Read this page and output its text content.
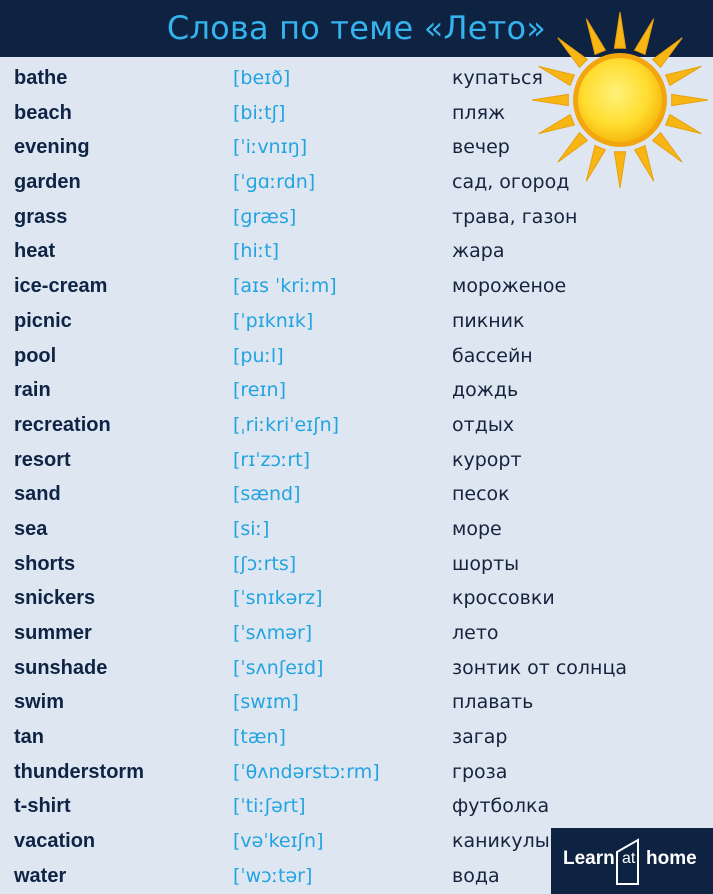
Слова по теме «Лето»
bathe	[beɪð]	купаться
beach	[biːtʃ]	пляж
evening	[ˈiːvnɪŋ]	вечер
garden	[ˈɡɑːrdn]	сад, огород
grass	[ɡræs]	трава, газон
heat	[hiːt]	жара
ice-cream	[aɪs ˈkriːm]	мороженое
picnic	[ˈpɪknɪk]	пикник
pool	[puːl]	бассейн
rain	[reɪn]	дождь
recreation	[ˌriːkriˈeɪʃn]	отдых
resort	[rɪˈzɔːrt]	курорт
sand	[sænd]	песок
sea	[siː]	море
shorts	[ʃɔːrts]	шорты
snickers	[ˈsnɪkərz]	кроссовки
summer	[ˈsʌmər]	лето
sunshade	[ˈsʌnʃeɪd]	зонтик от солнца
swim	[swɪm]	плавать
tan	[tæn]	загар
thunderstorm	[ˈθʌndərstɔːrm]	гроза
t-shirt	[ˈtiːʃərt]	футболка
vacation	[vəˈkeɪʃn]	каникулы
water	[ˈwɔːtər]	вода
Learn at home
